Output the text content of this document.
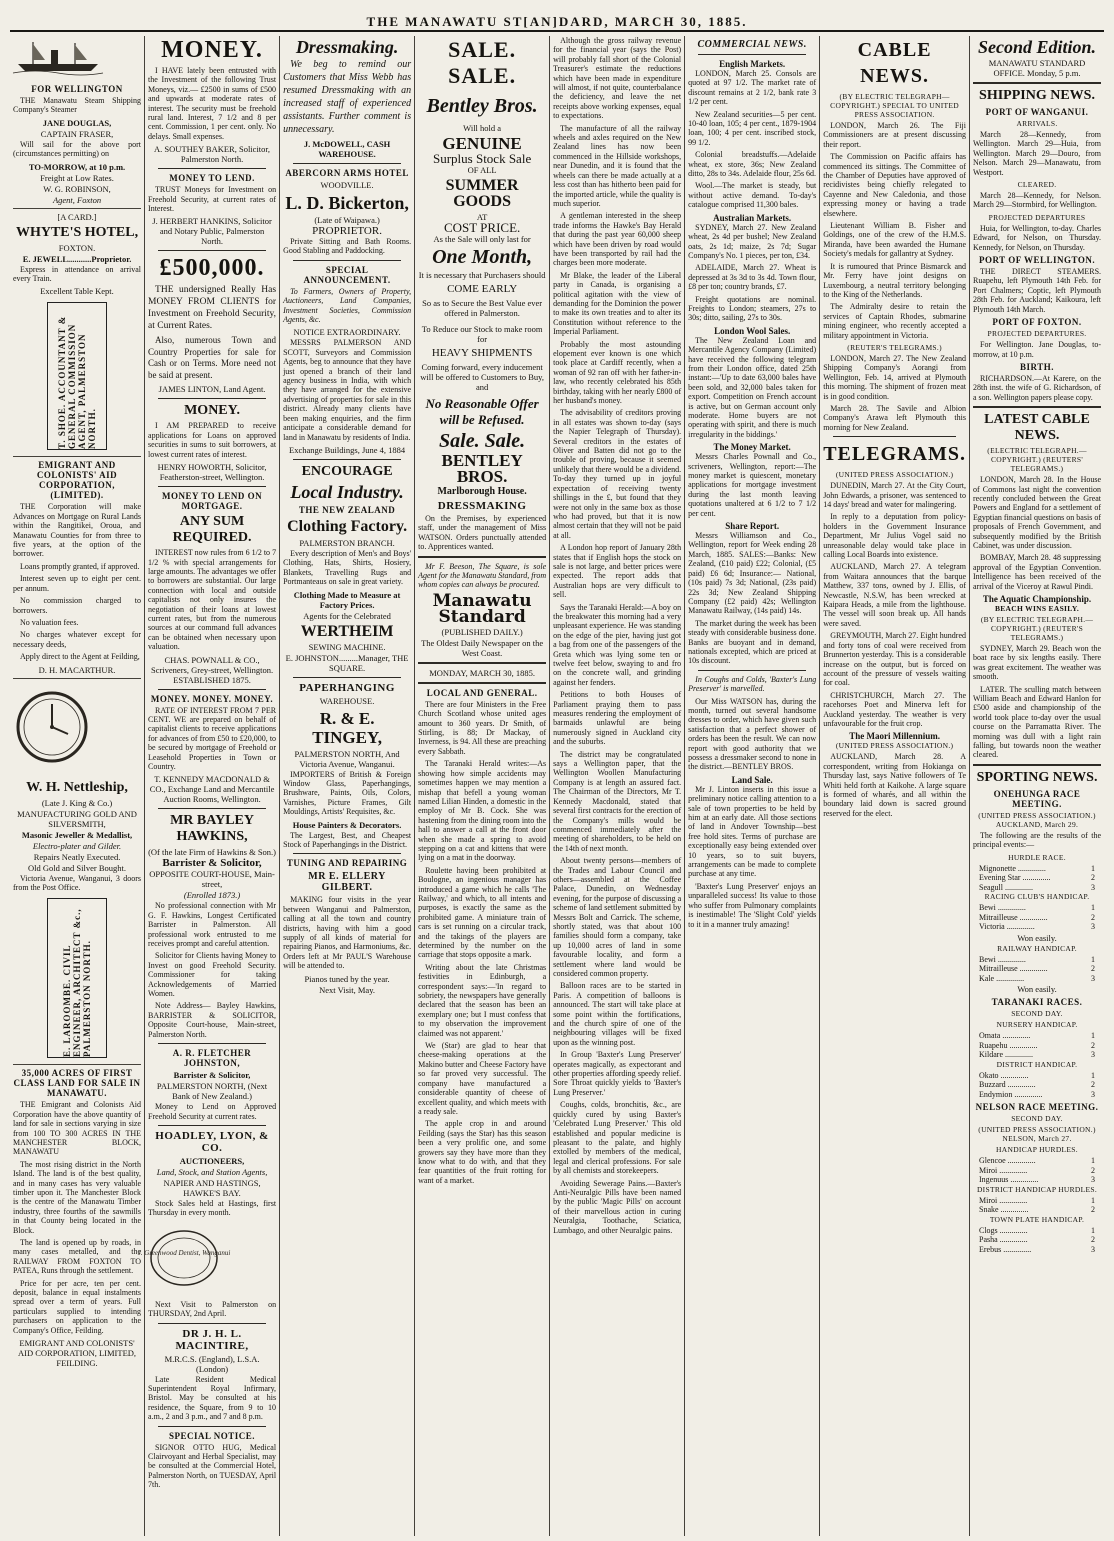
THE MANAWATU ST[AN]DARD, MARCH 30, 1885.
FOR WELLINGTON

THE Manawatu Steam Shipping Company's Steamer

JANE DOUGLAS,
CAPTAIN FRASER,

Will sail for the above port (circumstances permitting) on

TO-MORROW, at 10 p.m.
Freight at Low Rates.
W. G. ROBINSON,
Agent, Foxton
[A CARD.]
WHYTE'S HOTEL,
FOXTON.
E. JEWELL...........Proprietor.

Express in attendance on arrival every Train.

Excellent Table Kept.
T. SHOE. ACCOUNTANT & GENERAL COMMISSION AGENT, PALMERSTON NORTH.
EMIGRANT AND COLONISTS' AID CORPORATION, (LIMITED).

THE Corporation will make Advances on Mortgage on Rural Lands within the Rangitikei, Oroua, and Manawatu Counties for from three to five years, at the option of the borrower.

Loans promptly granted, if approved.

Interest seven up to eight per cent. per annum.

No commission charged to borrowers.

No valuation fees.

No charges whatever except for necessary deeds,

Apply direct to the Agent at Feilding,

D. H. MACARTHUR.
W. H. Nettleship,
(Late J. King & Co.)
MANUFACTURING GOLD AND SILVERSMITH,
Masonic Jeweller & Medallist,
Electro-plater and Gilder.
Repairs Neatly Executed.
Old Gold and Silver Bought.

Victoria Avenue, Wanganui, 3 doors from the Post Office.

E. LAROOMBE. CIVIL ENGINEER, ARCHITECT &c., PALMERSTON NORTH.
35,000 ACRES OF FIRST CLASS LAND FOR SALE IN MANAWATU.

THE Emigrant and Colonists Aid Corporation have the above quantity of land for sale in sections varying in size from 100 TO 300 ACRES IN THE MANCHESTER BLOCK, MANAWATU

The most rising district in the North Island. The land is of the best quality, and in many cases has very valuable timber upon it. The Manchester Block is the centre of the Manawatu Timber industry, three fourths of the sawmills in that County being located in the Block.

The land is opened up by roads, in many cases metalled, and the RAILWAY FROM FOXTON TO PATEA, Runs through the settlement.

Price for per acre, ten per cent. deposit, balance in equal instalments spread over a term of years. Full particulars supplied to intending purchasers on application to the Company's Office, Feilding.

EMIGRANT AND COLONISTS' AID CORPORATION, LIMITED, FEILDING.
MONEY.

I HAVE lately been entrusted with the Investment of the following Trust Moneys, viz.— £2500 in sums of £500 and upwards at moderate rates of interest. The security must be freehold rural land. Interest, 7 1/2 and 8 per cent. Commission, 1 per cent. only. No delays. Small expenses.

A. SOUTHEY BAKER, Solicitor, Palmerston North.
MONEY TO LEND.

TRUST Moneys for Investment on Freehold Security, at current rates of Interest.

J. HERBERT HANKINS, Solicitor and Notary Public, Palmerston North.
£500,000.

THE undersigned Really Has MONEY FROM CLIENTS for Investment on Freehold Security, at Current Rates.

Also, numerous Town and Country Properties for sale for Cash or on Terms. More need not be said at present.

JAMES LINTON, Land Agent.
MONEY.

I AM PREPARED to receive applications for Loans on approved securities in sums to suit borrowers, at lowest current rates of interest.

HENRY HOWORTH, Solicitor, Featherston-street, Wellington.
MONEY TO LEND ON MORTGAGE.
ANY SUM REQUIRED.

INTEREST now rules from 6 1/2 to 7 1/2 % with special arrangements for large amounts. The advantages we offer to borrowers are substantial. Our large connection with local and outside capitalists not only insures the negotiation of their loans at lowest current rates, but from the numerous sources at our command full advances can be obtained when necessary upon valuation.

CHAS. POWNALL & CO., Scriveners, Grey-street, Wellington. ESTABLISHED 1875.
MONEY. MONEY. MONEY.

RATE OF INTEREST FROM 7 PER CENT. WE are prepared on behalf of capitalist clients to receive applications for advances of from £50 to £20,000, to be secured by mortgage of Freehold or Leasehold Properties in Town or Country.

T. KENNEDY MACDONALD & CO., Exchange Land and Mercantile Auction Rooms, Wellington.
MR BAYLEY HAWKINS,
(Of the late Firm of Hawkins & Son.)
Barrister & Solicitor,
OPPOSITE COURT-HOUSE, Main-street,
(Enrolled 1873.)

No professional connection with Mr G. F. Hawkins, Longest Certificated Barrister in Palmerston. All professional work entrusted to me receives prompt and careful attention.

Solicitor for Clients having Money to Invest on good Freehold Security. Commissioner for taking Acknowledgements of Married Women.

Note Address— Bayley Hawkins, BARRISTER & SOLICITOR, Opposite Court-house, Main-street, Palmerston North.

A. R. FLETCHER JOHNSTON,
Barrister & Solicitor,
PALMERSTON NORTH, (Next Bank of New Zealand.)

Money to Lend on Approved Freehold Security at current rates.

HOADLEY, LYON, & CO.
AUCTIONEERS,
Land, Stock, and Station Agents,
NAPIER AND HASTINGS, HAWKE'S BAY.

Stock Sales held at Hastings, first Thursday in every month.

J. Greenwood Dentist, Wanganui

Next Visit to Palmerston on THURSDAY, 2nd April.

DR J. H. L. MACINTIRE,
M.R.C.S. (England), L.S.A. (London)

Late Resident Medical Superintendent Royal Infirmary, Bristol. May be consulted at his residence, the Square, from 9 to 10 a.m., 2 and 3 p.m., and 7 and 8 p.m.

SPECIAL NOTICE.

SIGNOR OTTO HUG, Medical Clairvoyant and Herbal Specialist, may be consulted at the Commercial Hotel, Palmerston North, on TUESDAY, April 7th.

Dressmaking.

We beg to remind our Customers that Miss Webb has resumed Dressmaking with an increased staff of experienced assistants. Further comment is unnecessary.

J. McDOWELL, CASH WAREHOUSE.
ABERCORN ARMS HOTEL
WOODVILLE.
L. D. Bickerton,
(Late of Waipawa.)
PROPRIETOR.

Private Sitting and Bath Rooms. Good Stabling and Paddocking.

SPECIAL ANNOUNCEMENT.

To Farmers, Owners of Property, Auctioneers, Land Companies, Investment Societies, Commission Agents, &c.

NOTICE EXTRAORDINARY.

MESSRS PALMERSON AND SCOTT, Surveyors and Commission Agents, beg to announce that they have just opened a branch of their land agency business in India, with which they have arranged for the extensive advertising of properties for sale in this district. Already many clients have been making enquiries, and the firm anticipate a considerable demand for land in Manawatu by residents of India.

Exchange Buildings, June 4, 1884
ENCOURAGE
Local Industry.
THE NEW ZEALAND
Clothing Factory.
PALMERSTON BRANCH.

Every description of Men's and Boys' Clothing, Hats, Shirts, Hosiery, Blankets, Travelling Rugs and Portmanteaus on sale in great variety.

Clothing Made to Measure at Factory Prices.
Agents for the Celebrated
WERTHEIM
SEWING MACHINE.
E. JOHNSTON.........Manager, THE SQUARE.
PAPERHANGING
WAREHOUSE.
R. & E. TINGEY,
PALMERSTON NORTH, And Victoria Avenue, Wanganui.

IMPORTERS of British & Foreign Window Glass, Paperhangings, Brushware, Paints, Oils, Colors, Varnishes, Picture Frames, Gilt Mouldings, Artists' Requisites, &c.

House Painters & Decorators.

The Largest, Best, and Cheapest Stock of Paperhangings in the District.

TUNING AND REPAIRING
MR E. ELLERY GILBERT.

MAKING four visits in the year between Wanganui and Palmerston, calling at all the town and country districts, having with him a good supply of all kinds of material for repairing Pianos, and Harmoniums, &c. Orders left at Mr PAUL'S Warehouse will be attended to.

Pianos tuned by the year.
Next Visit, May.
SALE. SALE.
Bentley Bros.
Will hold a
GENUINE
Surplus Stock Sale
OF ALL
SUMMER GOODS
AT
COST PRICE.
As the Sale will only last for
One Month,
It is necessary that Purchasers should
COME EARLY
So as to Secure the Best Value ever offered in Palmerston.
To Reduce our Stock to make room for
HEAVY SHIPMENTS
Coming forward, every inducement will be offered to Customers to Buy, and
No Reasonable Offer will be Refused.
Sale. Sale.
BENTLEY BROS.
Marlborough House.
DRESSMAKING

On the Premises, by experienced staff, under the management of Miss WATSON. Orders punctually attended to. Apprentices wanted.

Mr F. Beeson, The Square, is sole Agent for the Manawatu Standard, from whom copies can always be procured.

Manawatu Standard
(PUBLISHED DAILY.)
The Oldest Daily Newspaper on the West Coast.
MONDAY, MARCH 30, 1885.
LOCAL AND GENERAL.

There are four Ministers in the Free Church Scotland whose united ages amount to 360 years. Dr Smith, of Stirling, is 88; Dr Mackay, of Inverness, is 94. All these are preaching every Sabbath.

The Taranaki Herald writes:—As showing how simple accidents may sometimes happen we may mention a mishap that befell a young woman named Lilian Hinden, a domestic in the employ of Mr B. Cock. She was hastening from the dining room into the hall to answer a call at the front door when she made a spring to avoid stepping on a cat and kittens that were lying on a mat in the doorway.

Roulette having been prohibited at Boulogne, an ingenious manager has introduced a game which he calls 'The Railway,' and which, to all intents and purposes, is exactly the same as the prohibited game. A miniature train of cars is set running on a circular track, and the takings of the players are determined by the number on the carriage that stops opposite a mark.

Writing about the late Christmas festivities in Edinburgh, a correspondent says:—'In regard to sobriety, the newspapers have generally declared that the season has been an exemplary one; but I must confess that to my observation the improvement claimed was not apparent.'

We (Star) are glad to hear that cheese-making operations at the Makino butter and Cheese Factory have so far proved very successful. The company have manufactured a considerable quantity of cheese of excellent quality, and which meets with a ready sale.

The apple crop in and around Feilding (says the Star) has this season been a very prolific one, and some growers say they have more than they know what to do with, and that they fear quantities of the fruit rotting for want of a market.

Although the gross railway revenue for the financial year (says the Post) will probably fall short of the Colonial Treasurer's estimate the reductions which have been made in expenditure will almost, if not quite, counterbalance the deficiency, and leave the net receipts above working expenses, equal to expectations.

The manufacture of all the railway wheels and axles required on the New Zealand lines has now been commenced in the Hillside workshops, near Dunedin, and it is found that the wheels can there be made actually at a less cost than has hitherto been paid for the imported article, while the quality is much superior.

A gentleman interested in the sheep trade informs the Hawke's Bay Herald that during the past year 60,000 sheep which have been driven by road would have been transported by rail had the charges been more moderate.

Mr Blake, the leader of the Liberal party in Canada, is organising a political agitation with the view of demanding for the Dominion the power to make its own treaties and to alter its Constitution without reference to the Imperial Parliament.

Probably the most astounding elopement ever known is one which took place at Cardiff recently, when a woman of 92 ran off with her father-in-law, who recently celebrated his 85th birthday, taking with her nearly £800 of her husband's money.

The advisability of creditors proving in all estates was shown to-day (says the Napier Telegraph of Thursday). Several creditors in the estates of Oliver and Batten did not go to the trouble of proving, because it seemed unlikely that there would be a dividend. To-day they turned up in joyful expectation of receiving twenty shillings in the £, but found that they were not only in the same box as those who had proved, but that it is now almost certain that they will not be paid at all.

A London hop report of January 28th states that if English hops the stock on sale is not large, and better prices were expected. The report adds that Australian hops are very difficult to sell.

Says the Taranaki Herald:—A boy on the breakwater this morning had a very unpleasant experience. He was standing on the edge of the pier, having just got a bag from one of the passengers of the Greta which was lying some ten or twelve feet below, swaying to and fro on the concrete wall, and grinding against her fenders.

Petitions to both Houses of Parliament praying them to pass measures rendering the employment of barmaids unlawful are being numerously signed in Auckland city and the suburbs.

The district may be congratulated says a Wellington paper, that the Wellington Woollen Manufacturing Company is at length an assured fact. The Chairman of the Directors, Mr T. Kennedy Macdonald, stated that several first contracts for the erection of the Company's mills would be commenced immediately after the meeting of shareholders, to be held on the 14th of next month.

About twenty persons—members of the Trades and Labour Council and others—assembled at the Coffee Palace, Dunedin, on Wednesday evening, for the purpose of discussing a scheme of land settlement submitted by Messrs Bolt and Carrick. The scheme, shortly stated, was that about 100 families should form a company, take up 10,000 acres of land in some favourable locality, and form a settlement where land would be considered common property.

Balloon races are to be started in Paris. A competition of balloons is announced. The start will take place at some point within the fortifications, and the church spire of one of the neighbouring villages will be fixed upon as the winning post.

In Group 'Baxter's Lung Preserver' operates magically, as expectorant and other properties affording speedy relief. Sore Throat quickly yields to 'Baxter's Lung Preserver.'

Coughs, colds, bronchitis, &c., are quickly cured by using Baxter's 'Celebrated Lung Preserver.' This old established and popular medicine is pleasant to the palate, and highly extolled by members of the medical, legal and clerical professions. For sale by all chemists and storekeepers.

Avoiding Sewerage Pains.—Baxter's Anti-Neuralgic Pills have been named by the public 'Magic Pills' on account of their marvellous action in curing Neuralgia, Toothache, Sciatica, Lumbago, and other Neuralgic pains.

COMMERCIAL NEWS.
English Markets.

LONDON, March 25. Consols are quoted at 97 1/2. The market rate of discount remains at 2 1/2, bank rate 3 1/2 per cent.

New Zealand securities—5 per cent. 10-40 loan, 105; 4 per cent., 1879-1904 loan, 100; 4 per cent. inscribed stock, 99 1/2.

Colonial breadstuffs.—Adelaide wheat, ex store, 36s; New Zealand ditto, 28s to 34s. Adelaide flour, 25s 6d.

Wool.—The market is steady, but without active demand. To-day's catalogue comprised 11,300 bales.

Australian Markets.

SYDNEY, March 27. New Zealand wheat, 2s 4d per bushel; New Zealand oats, 2s 1d; maize, 2s 7d; Sugar Company's No. 1 pieces, per ton, £34.

ADELAIDE, March 27. Wheat is depressed at 3s 3d to 3s 4d. Town flour, £8 per ton; country brands, £7.

Freight quotations are nominal. Freights to London; steamers, 27s to 30s; ditto, sailing, 27s to 30s.

London Wool Sales.

The New Zealand Loan and Mercantile Agency Company (Limited) have received the following telegram from their London office, dated 25th instant:—'Up to date 63,000 bales have been sold, and 32,000 bales taken for export. Competition on French account is active, but on German account only moderate. Home buyers are not operating with spirit, and there is much irregularity in the biddings.'

The Money Market.

Messrs Charles Pownall and Co., scriveners, Wellington, report:—The money market is quiescent, monetary applications for mortgage investment during the last month leaving quotations unaltered at 6 1/2 to 7 1/2 per cent.

Share Report.

Messrs Williamson and Co., Wellington, report for Week ending 28 March, 1885. SALES:—Banks: New Zealand, (£10 paid) £22; Colonial, (£5 paid) £6 6d; Insurance:— National, (10s paid) 7s 3d; National, (23s paid) 22s 3d; New Zealand Shipping Company (£2 paid) 42s; Wellington Manawatu Railway, (14s paid) 14s.

The market during the week has been steady with considerable business done. Banks are buoyant and in demand, nationals excepted, which are priced at 10s discount.

In Coughs and Colds, 'Baxter's Lung Preserver' is marvelled.

Our Miss WATSON has, during the month, turned out several handsome dresses to order, which have given such satisfaction that a perfect shower of orders has been the result. We can now report with good authority that we possess a dressmaker second to none in the district.—BENTLEY BROS.

Land Sale.

Mr J. Linton inserts in this issue a preliminary notice calling attention to a sale of town properties to be held by him at an early date. All those sections of land in Andover Township—best free hold sites. Terms of purchase are exceptionally easy being extended over 10 years, so to suit buyers, arrangements can be made to complete purchase at any time.

'Baxter's Lung Preserver' enjoys an unparalleled success! Its value to those who suffer from Pulmonary complaints is inestimable! The 'Slight Cold' yields to it in a manner truly amazing!

CABLE NEWS.
(BY ELECTRIC TELEGRAPH—COPYRIGHT.) SPECIAL TO UNITED PRESS ASSOCIATION.

LONDON, March 26. The Fiji Commissioners are at present discussing their report.

The Commission on Pacific affairs has commenced its sittings. The Committee of the Chamber of Deputies have approved of recidivistes being chiefly relegated to Cayenne and New Caledonia, and those expressing money or having a trade elsewhere.

Lieutenant William B. Fisher and Goldings, one of the crew of the H.M.S. Miranda, have been awarded the Humane Society's medals for gallantry at Sydney.

It is rumoured that Prince Bismarck and Mr. Ferry have joint designs on Luxembourg, a neutral territory belonging to the King of the Netherlands.

The Admiralty desire to retain the services of Captain Rhodes, submarine mining engineer, who recently accepted a military appointment in Victoria.

(REUTER'S TELEGRAMS.)

LONDON, March 27. The New Zealand Shipping Company's Aorangi from Wellington, Feb. 14, arrived at Plymouth this morning. The shipment of frozen meat is in good condition.

March 28. The Savile and Albion Company's Arawa left Plymouth this morning for New Zealand.

TELEGRAMS.
(UNITED PRESS ASSOCIATION.)

DUNEDIN, March 27. At the City Court, John Edwards, a prisoner, was sentenced to 14 days' bread and water for malingering.

In reply to a deputation from policy-holders in the Government Insurance Department, Mr Julius Vogel said no unreasonable delay would take place in calling Local Boards into existence.

AUCKLAND, March 27. A telegram from Waitara announces that the barque Matthew, 337 tons, owned by J. Ellis, of Newcastle, N.S.W, has been wrecked at Kaipara Heads, a mile from the lighthouse. The vessel will soon break up. All hands were saved.

GREYMOUTH, March 27. Eight hundred and forty tons of coal were received from Brunnerton yesterday. This is a considerable increase on the output, but is forced on account of the pressure of vessels waiting for coal.

CHRISTCHURCH, March 27. The racehorses Poet and Minerva left for Auckland yesterday. The weather is very unfavourable for the fruit crop.

The Maori Millennium.
(UNITED PRESS ASSOCIATION.)

AUCKLAND, March 28. A correspondent, writing from Hokianga on Thursday last, says Native followers of Te Whiti held forth at Kaikohe. A large square is formed of wharés, and all within the boundary laid down is sacred ground reserved for the elect.

Second Edition.
MANAWATU STANDARD OFFICE. Monday, 5 p.m.
SHIPPING NEWS.
PORT OF WANGANUI.
ARRIVALS.

March 28—Kennedy, from Wellington. March 29—Huia, from Wellington. March 29—Douro, from Nelson. March 29—Manawatu, from Westport.

CLEARED.

March 28—Kennedy, for Nelson. March 29—Stormbird, for Wellington.

PROJECTED DEPARTURES

Huia, for Wellington, to-day. Charles Edward, for Nelson, on Thursday. Kennedy, for Nelson, on Thursday.

PORT OF WELLINGTON.

THE DIRECT STEAMERS. Ruapehu, left Plymouth 14th Feb. for Port Chalmers; Coptic, left Plymouth 28th Feb. for Auckland; Kaikoura, left Plymouth 14th March.

PORT OF FOXTON.
PROJECTED DEPARTURES.

For Wellington. Jane Douglas, to-morrow, at 10 p.m.

BIRTH.

RICHARDSON.—At Karere, on the 28th inst. the wife of G. Richardson, of a son. Wellington papers please copy.

LATEST CABLE NEWS.
(ELECTRIC TELEGRAPH.—COPYRIGHT.) (REUTERS' TELEGRAMS.)

LONDON, March 28. In the House of Commons last night the convention recently concluded between the Great Powers and England for a settlement of Egyptian financial questions on basis of proposals of French Government, and subsequently modified by the British Cabinet, was under discussion.

BOMBAY, March 28. 48 suppressing approval of the Egyptian Convention. Intelligence has been received of the arrival of the Viceroy at Rawul Pindi.

The Aquatic Championship.
BEACH WINS EASILY.
(BY ELECTRIC TELEGRAPH.—COPYRIGHT.) (REUTER'S TELEGRAMS.)

SYDNEY, March 29. Beach won the boat race by six lengths easily. There was great excitement. The weather was smooth.

LATER. The sculling match between William Beach and Edward Hanlon for £500 aside and championship of the world took place to-day over the usual course on the Parramatta River. The morning was dull with a light rain falling, but towards noon the weather cleared.

SPORTING NEWS.
ONEHUNGA RACE MEETING.
(UNITED PRESS ASSOCIATION.) AUCKLAND, March 29.

The following are the results of the principal events:—

HURDLE RACE.
Mignonette ..............	1
Evening Star ..............	2
Seagull ..............	3
RACING CLUB'S HANDICAP.
Bewi ..............	1
Mitrailleuse ..............	2
Victoria ..............	3
Won easily.
RAILWAY HANDICAP.
Bewi ..............	1
Mitrailleuse ..............	2
Kale ..............	3
Won easily.
TARANAKI RACES.
SECOND DAY.
NURSERY HANDICAP.
Omata ..............	1
Ruapehu ..............	2
Kildare ..............	3
DISTRICT HANDICAP.
Okato ..............	1
Buzzard ..............	2
Endymion ..............	3
NELSON RACE MEETING.
SECOND DAY.
(UNITED PRESS ASSOCIATION.) NELSON, March 27.
HANDICAP HURDLES.
Glencoe ..............	1
Miroi ..............	2
Ingenuus ..............	3
DISTRICT HANDICAP HURDLES.
Miroi ..............	1
Snake ..............	2
TOWN PLATE HANDICAP.
Clogs ..............	1
Pasha ..............	2
Erebus ..............	3
